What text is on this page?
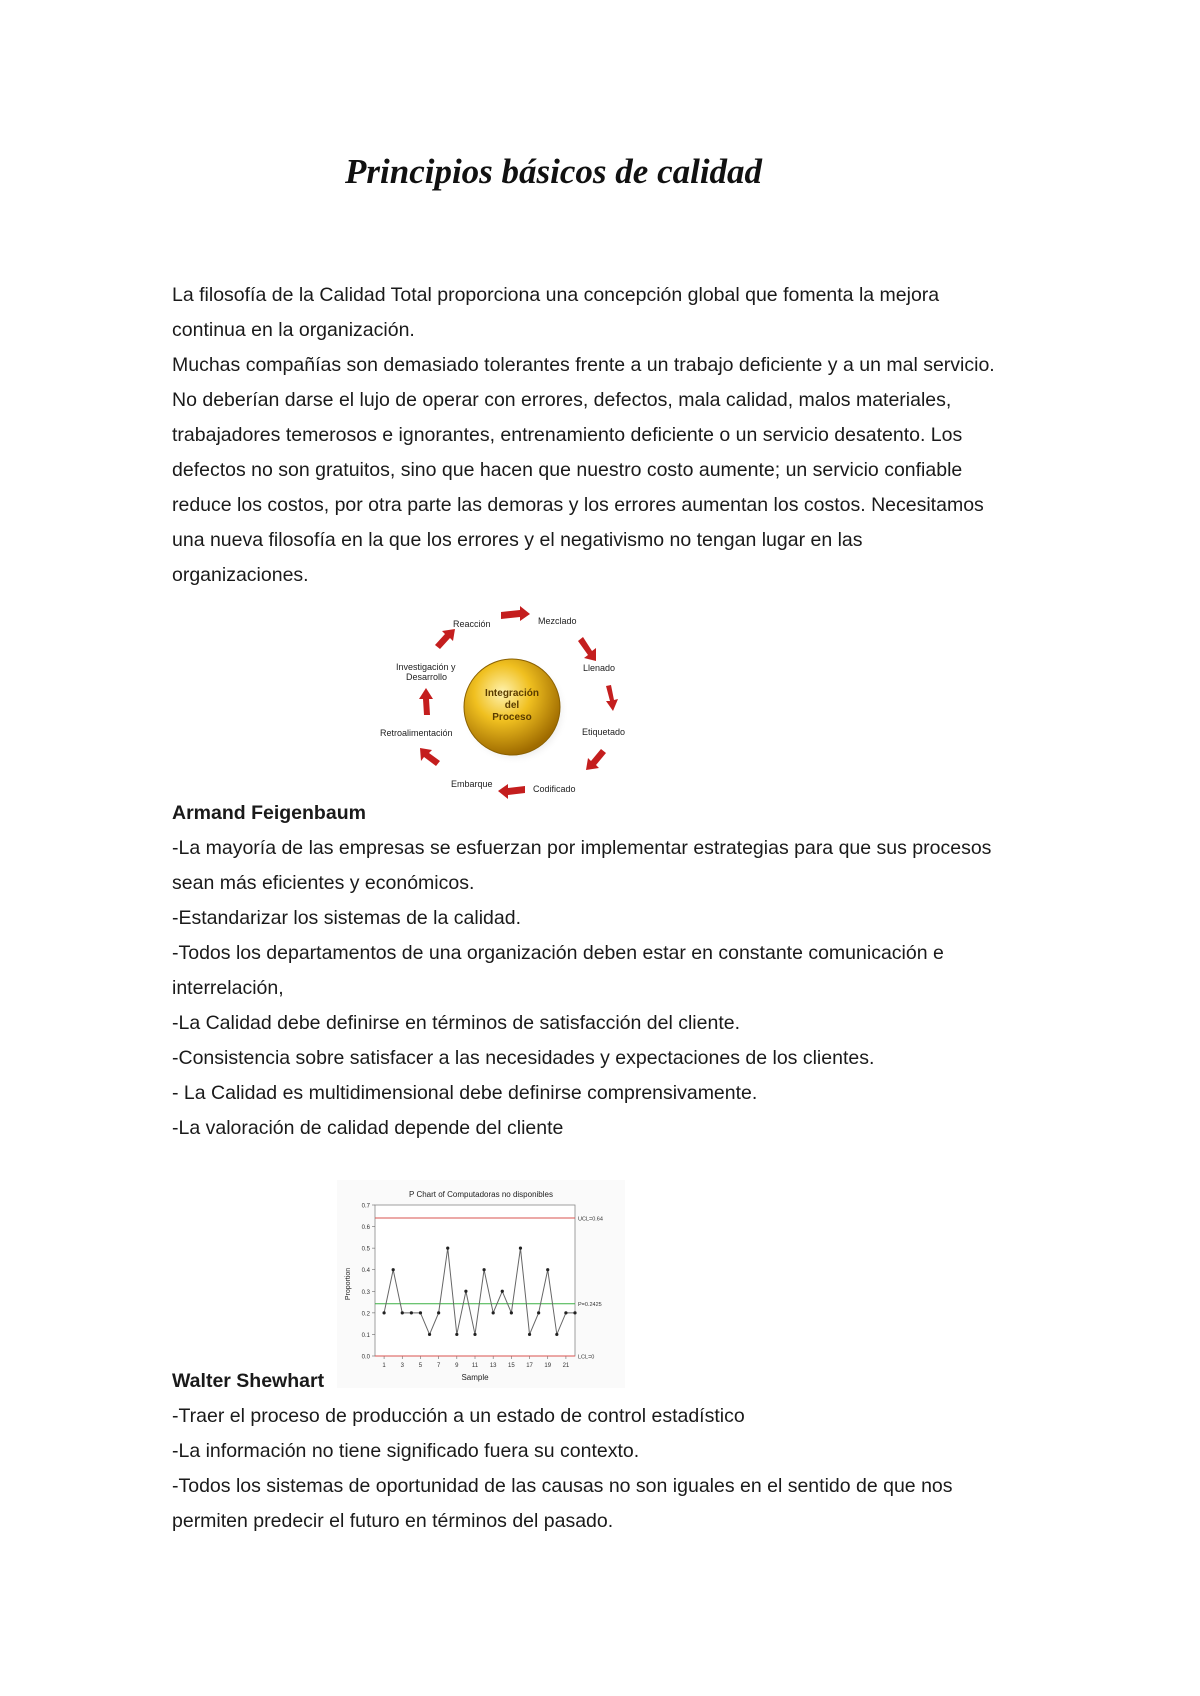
Principios básicos de calidad
La filosofía de la Calidad Total proporciona una concepción global que fomenta la mejora
continua en la organización.
Muchas compañías son demasiado tolerantes frente a un trabajo deficiente y a un mal servicio.
No deberían darse el lujo de operar con errores, defectos, mala calidad, malos materiales,
trabajadores temerosos e ignorantes, entrenamiento deficiente o un servicio desatento. Los
defectos no son gratuitos, sino que hacen que nuestro costo aumente; un servicio confiable
reduce los costos, por otra parte las demoras y los errores aumentan los costos. Necesitamos
una nueva filosofía en la que los errores y el negativismo no tengan lugar en las
organizaciones.
Integración
del
Proceso
Reacción	Mezclado
Llenado
Etiquetado
Codificado
Embarque
Retroalimentación
Investigación y
Desarrollo
Armand Feigenbaum
-La mayoría de las empresas se esfuerzan por implementar estrategias para que sus procesos
sean más eficientes y económicos.
-Estandarizar los sistemas de la calidad.
-Todos los departamentos de una organización deben estar en constante comunicación e
interrelación,
-La Calidad debe definirse en términos de satisfacción del cliente.
-Consistencia sobre satisfacer a las necesidades y expectaciones de los clientes.
- La Calidad es multidimensional debe definirse comprensivamente.
-La valoración de calidad depende del cliente
P Chart of Computadoras no disponibles
Sample
Proportion
0.0
0.1
0.2
0.3
0.4
0.5
0.6
0.7
1 3 5 7 9 11 13 15 17 19 21
UCL=0.64
P=0.2425
LCL=0
Walter Shewhart
-Traer el proceso de producción a un estado de control estadístico
-La información no tiene significado fuera su contexto.
-Todos los sistemas de oportunidad de las causas no son iguales en el sentido de que nos
permiten predecir el futuro en términos del pasado.
